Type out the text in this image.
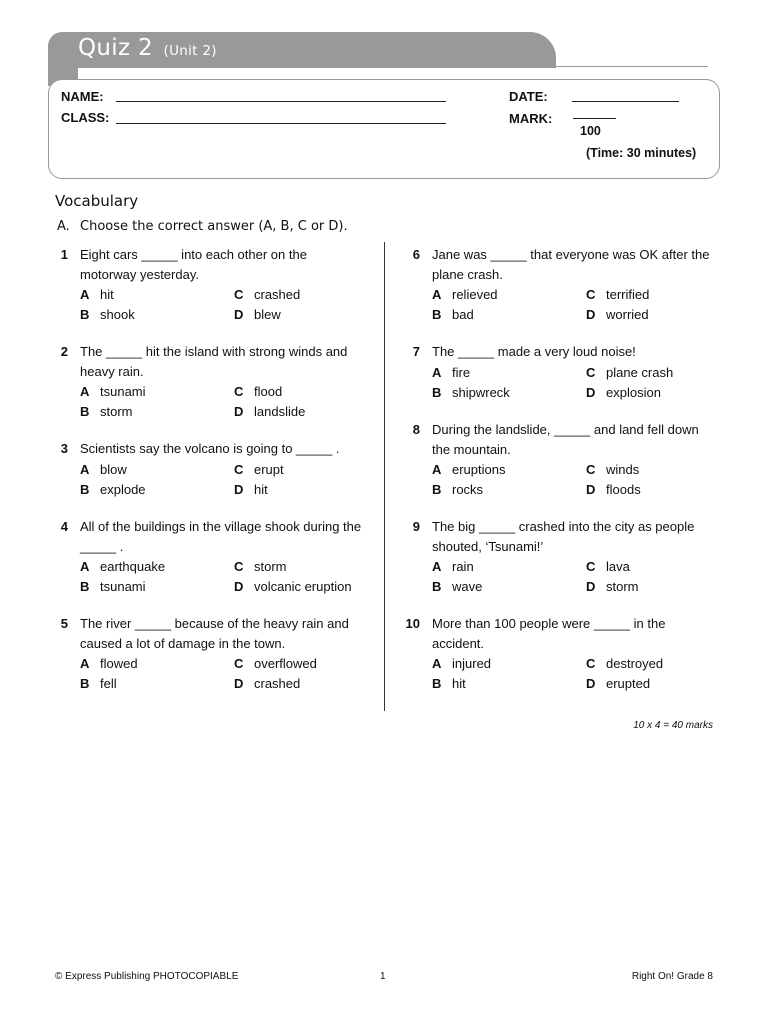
Quiz 2 (Unit 2)
NAME:
CLASS:
DATE:
MARK:
100
(Time: 30 minutes)
Vocabulary
A. Choose the correct answer (A, B, C or D).
1 Eight cars _____ into each other on the
motorway yesterday.
A hit	C crashed
B shook	D blew
2 The _____ hit the island with strong winds and
heavy rain.
A tsunami	C flood
B storm	D landslide
3 Scientists say the volcano is going to _____ .
A blow	C erupt
B explode	D hit
4 All of the buildings in the village shook during the
_____ .
A earthquake	C storm
B tsunami	D volcanic eruption
5 The river _____ because of the heavy rain and
caused a lot of damage in the town.
A flowed	C overflowed
B fell	D crashed
6 Jane was _____ that everyone was OK after the
plane crash.
A relieved	C terrified
B bad	D worried
7 The _____ made a very loud noise!
A fire	C plane crash
B shipwreck	D explosion
8 During the landslide, _____ and land fell down
the mountain.
A eruptions	C winds
B rocks	D floods
9 The big _____ crashed into the city as people
shouted, ‘Tsunami!’
A rain	C lava
B wave	D storm
10 More than 100 people were _____ in the
accident.
A injured	C destroyed
B hit	D erupted
10 x 4 = 40 marks
© Express Publishing PHOTOCOPIABLE	1	Right On! Grade 8
